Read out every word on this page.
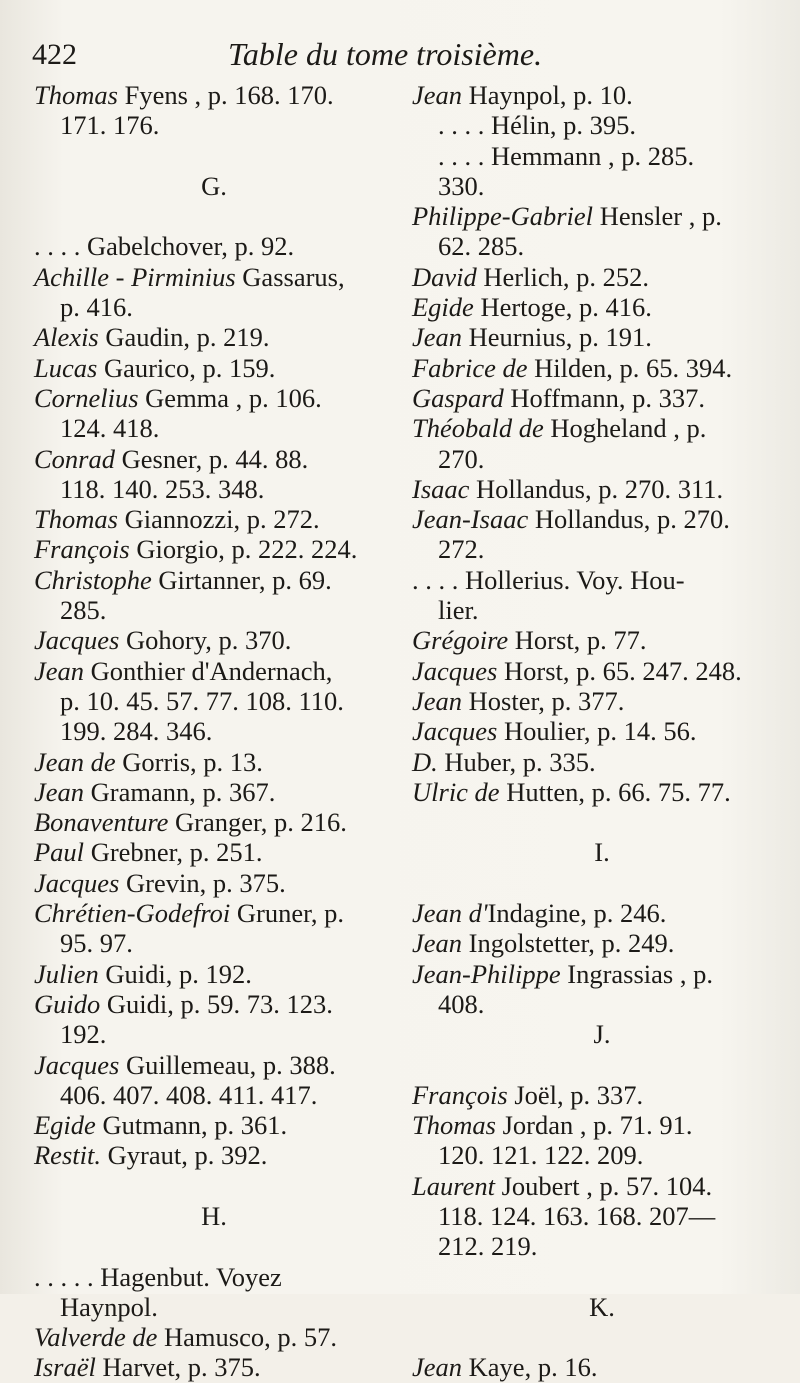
422	Table du tome troisième.
Thomas Fyens , p. 168. 170.
171. 176.
G.
. . . . Gabelchover, p. 92.
Achille - Pirminius Gassarus,
p. 416.
Alexis Gaudin, p. 219.
Lucas Gaurico, p. 159.
Cornelius Gemma , p. 106.
124. 418.
Conrad Gesner, p. 44. 88.
118. 140. 253. 348.
Thomas Giannozzi, p. 272.
François Giorgio, p. 222. 224.
Christophe Girtanner, p. 69.
285.
Jacques Gohory, p. 370.
Jean Gonthier d'Andernach,
p. 10. 45. 57. 77. 108. 110.
199. 284. 346.
Jean de Gorris, p. 13.
Jean Gramann, p. 367.
Bonaventure Granger, p. 216.
Paul Grebner, p. 251.
Jacques Grevin, p. 375.
Chrétien-Godefroi Gruner, p.
95. 97.
Julien Guidi, p. 192.
Guido Guidi, p. 59. 73. 123.
192.
Jacques Guillemeau, p. 388.
406. 407. 408. 411. 417.
Egide Gutmann, p. 361.
Restit. Gyraut, p. 392.
H.
. . . . . Hagenbut. Voyez
Haynpol.
Valverde de Hamusco, p. 57.
Israël Harvet, p. 375.
Jean Haynpol, p. 10.
. . . . Hélin, p. 395.
. . . . Hemmann , p. 285.
330.
Philippe-Gabriel Hensler , p.
62. 285.
David Herlich, p. 252.
Egide Hertoge, p. 416.
Jean Heurnius, p. 191.
Fabrice de Hilden, p. 65. 394.
Gaspard Hoffmann, p. 337.
Théobald de Hogheland , p.
270.
Isaac Hollandus, p. 270. 311.
Jean-Isaac Hollandus, p. 270.
272.
. . . . Hollerius. Voy. Hou-
lier.
Grégoire Horst, p. 77.
Jacques Horst, p. 65. 247. 248.
Jean Hoster, p. 377.
Jacques Houlier, p. 14. 56.
D. Huber, p. 335.
Ulric de Hutten, p. 66. 75. 77.
I.
Jean d'Indagine, p. 246.
Jean Ingolstetter, p. 249.
Jean-Philippe Ingrassias , p.
408.
J.
François Joël, p. 337.
Thomas Jordan , p. 71. 91.
120. 121. 122. 209.
Laurent Joubert , p. 57. 104.
118. 124. 163. 168. 207—
212. 219.
K.
Jean Kaye, p. 16.
